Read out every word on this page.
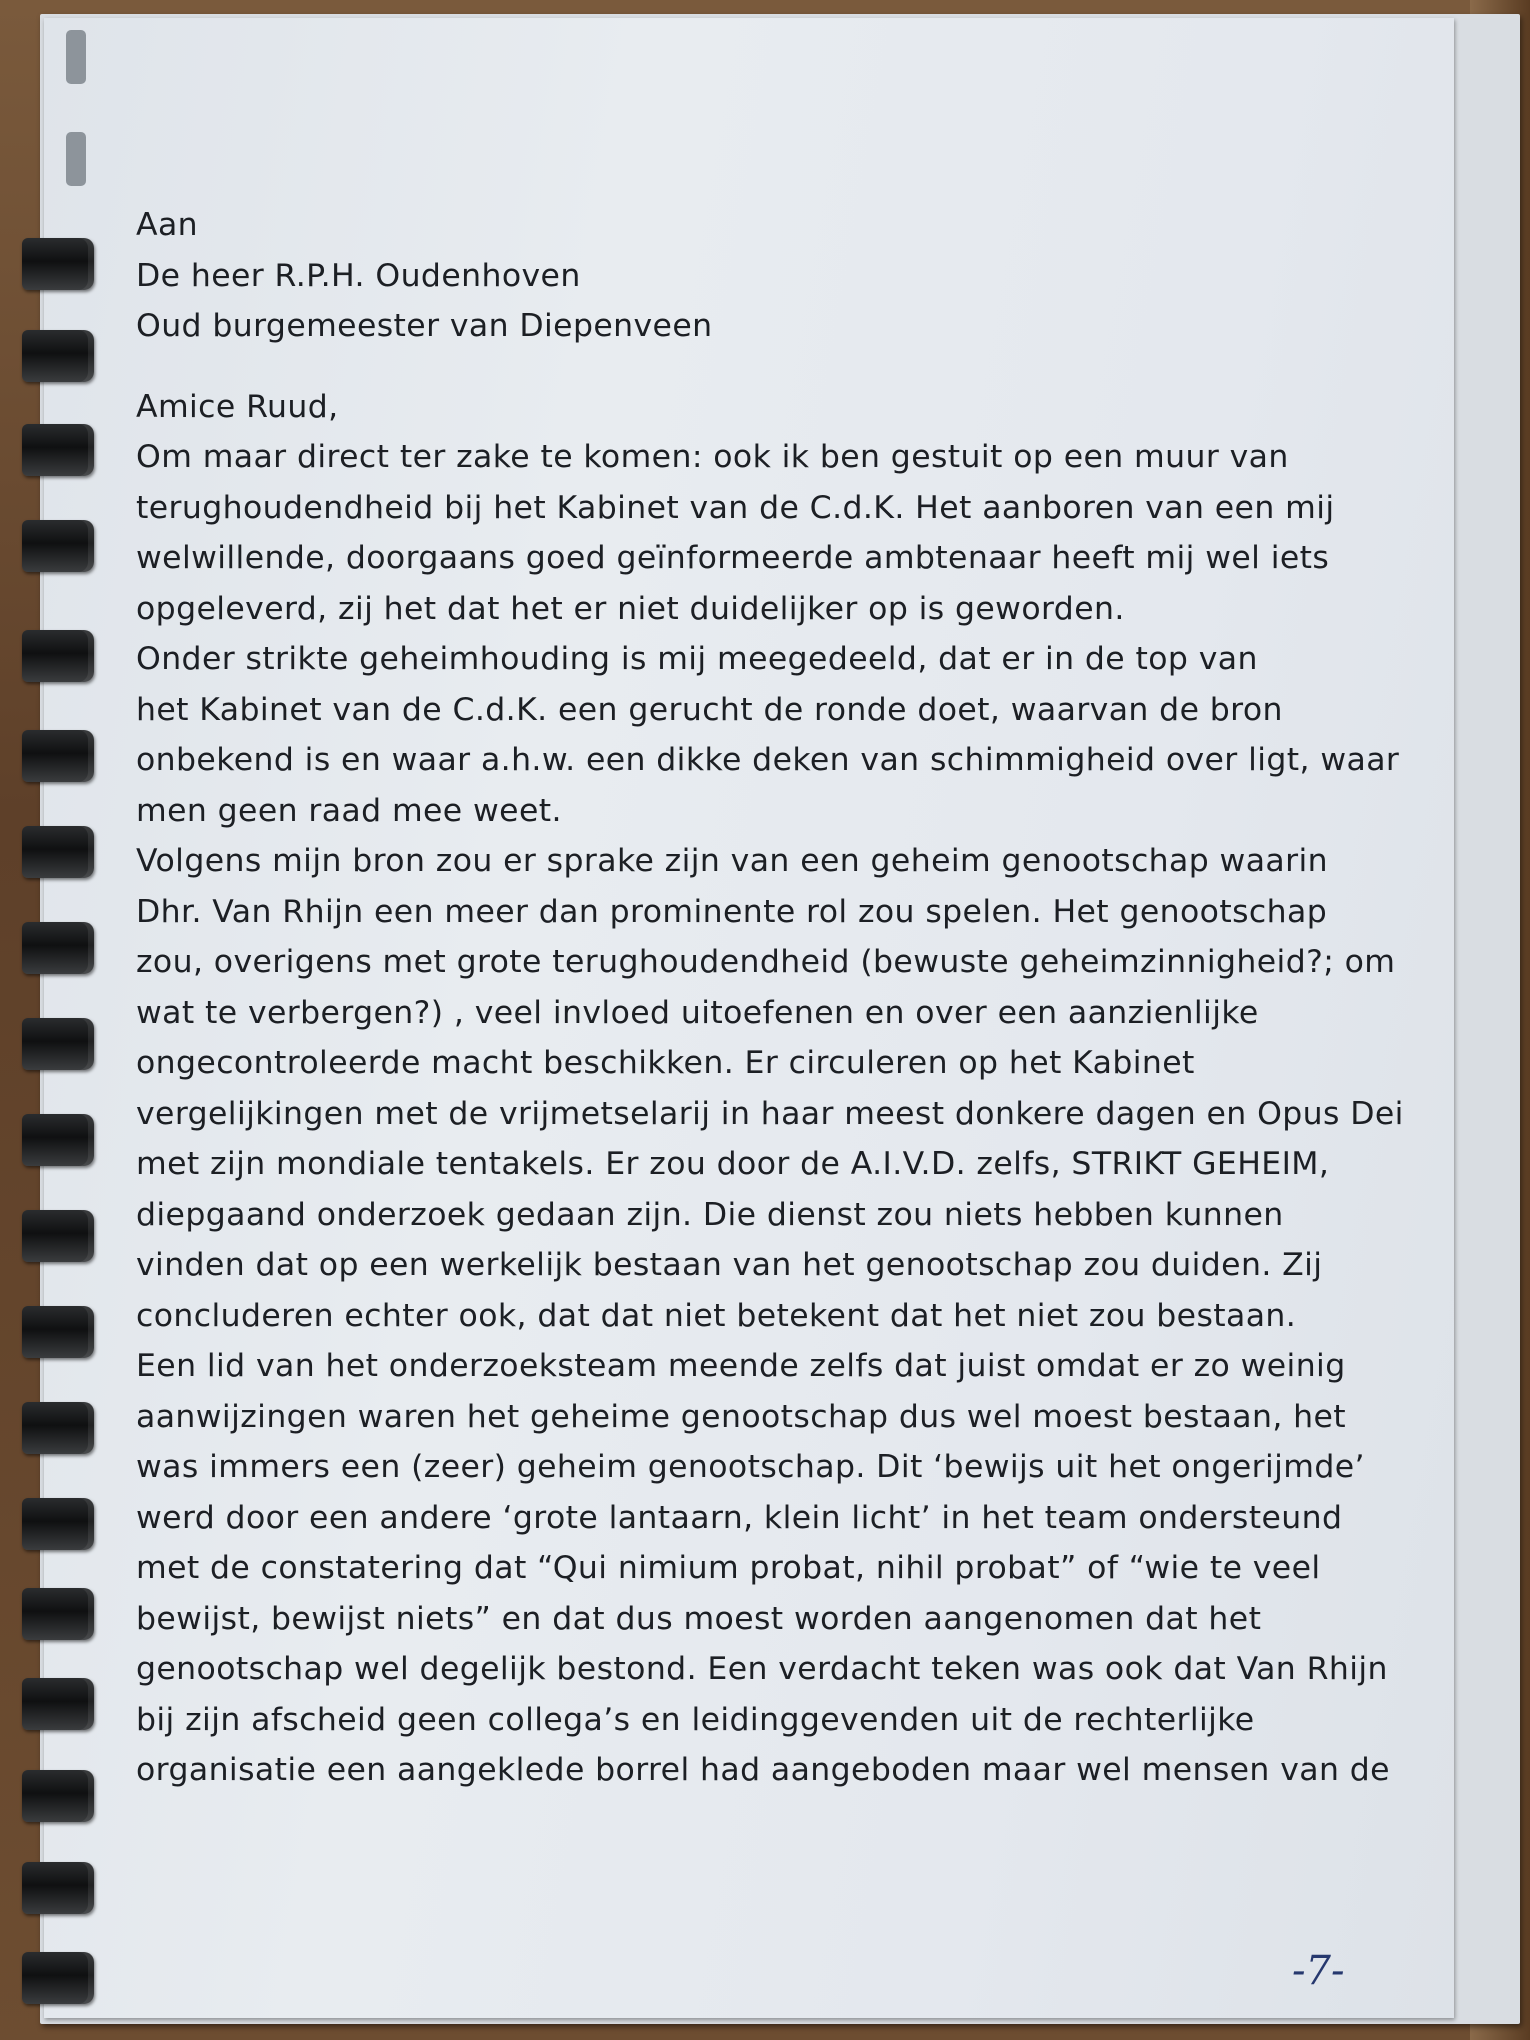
Aan
De heer R.P.H. Oudenhoven
Oud burgemeester van Diepenveen
Amice Ruud,
Om maar direct ter zake te komen: ook ik ben gestuit op een muur van
terughoudendheid bij het Kabinet van de C.d.K. Het aanboren van een mij
welwillende, doorgaans goed geïnformeerde ambtenaar heeft mij wel iets
opgeleverd, zij het dat het er niet duidelijker op is geworden.
Onder strikte geheimhouding is mij meegedeeld, dat er in de top van
het Kabinet van de C.d.K. een gerucht de ronde doet, waarvan de bron
onbekend is en waar a.h.w. een dikke deken van schimmigheid over ligt, waar
men geen raad mee weet.
Volgens mijn bron zou er sprake zijn van een geheim genootschap waarin
Dhr. Van Rhijn een meer dan prominente rol zou spelen. Het genootschap
zou, overigens met grote terughoudendheid (bewuste geheimzinnigheid?; om
wat te verbergen?) , veel invloed uitoefenen en over een aanzienlijke
ongecontroleerde macht beschikken. Er circuleren op het Kabinet
vergelijkingen met de vrijmetselarij in haar meest donkere dagen en Opus Dei
met zijn mondiale tentakels. Er zou door de A.I.V.D. zelfs, STRIKT GEHEIM,
diepgaand onderzoek gedaan zijn. Die dienst zou niets hebben kunnen
vinden dat op een werkelijk bestaan van het genootschap zou duiden. Zij
concluderen echter ook, dat dat niet betekent dat het niet zou bestaan.
Een lid van het onderzoeksteam meende zelfs dat juist omdat er zo weinig
aanwijzingen waren het geheime genootschap dus wel moest bestaan, het
was immers een (zeer) geheim genootschap. Dit ‘bewijs uit het ongerijmde’
werd door een andere ‘grote lantaarn, klein licht’ in het team ondersteund
met de constatering dat “Qui nimium probat, nihil probat” of “wie te veel
bewijst, bewijst niets” en dat dus moest worden aangenomen dat het
genootschap wel degelijk bestond. Een verdacht teken was ook dat Van Rhijn
bij zijn afscheid geen collega’s en leidinggevenden uit de rechterlijke
organisatie een aangeklede borrel had aangeboden maar wel mensen van de
-7-
